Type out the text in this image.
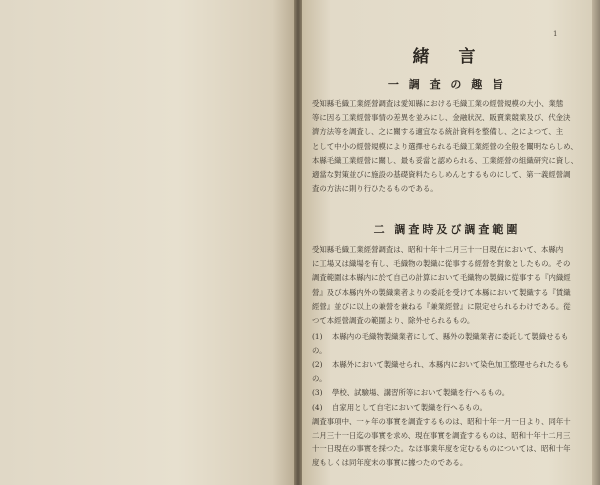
1
緒　言
一 調 査 の 趣 旨

受知縣毛織工業經營調査は愛知縣における毛織工業の經營規模の大小、業態
等に因る工業經營事情の差異を並みにし、金融狀況、販賣業競業及び、代金決
濟方法等を調査し、之に關する適宜なる統計資料を整備し、之によつて、主
として中小の經營規模により選擇せられる毛織工業經營の全般を闡明ならしめ、
本縣毛織工業經營に關し、最も妥當と認められる、工業經營の組織研究に資し、
適當な對策並びに施設の基礎資料たらしめんとするものにして、第一義經營調
査の方法に則り行ひたるものである。

二 調査時及び調査範圍

受知縣毛織工業經營調査は、昭和十年十二月三十一日現在において、本縣内
に工場又は織場を有し、毛織物の製織に從事する經營を對象としたもの。その
調査範圍は本縣内に於て自己の計算において毛織物の製織に從事する『内織經
營』及び本縣内外の製織業者よりの委託を受けて本縣において製織する『賃織
經營』並びに以上の兼營を兼ねる『兼業經營』に限定せられるわけである。從
つて本經營調査の範圍より、除外せられるもの。

(1) 本縣内の毛織物製織業者にして、縣外の製織業者に委託して製織せるも
の。

(2) 本縣外において製織せられ、本縣内において染色加工整理せられたるも
の。

(3) 學校、試驗場、講習所等において製織を行へるもの。

(4) 自家用として自宅において製織を行へるもの。

調査事項中、一ヶ年の事實を調査するものは、昭和十年一月一日より、同年十
二月三十一日迄の事實を求め、現在事實を調査するものは、昭和十年十二月三
十一日現在の事實を採つた。なほ事業年度を定むるものについては、昭和十年
度もしくは同年度末の事實に據つたのである。
